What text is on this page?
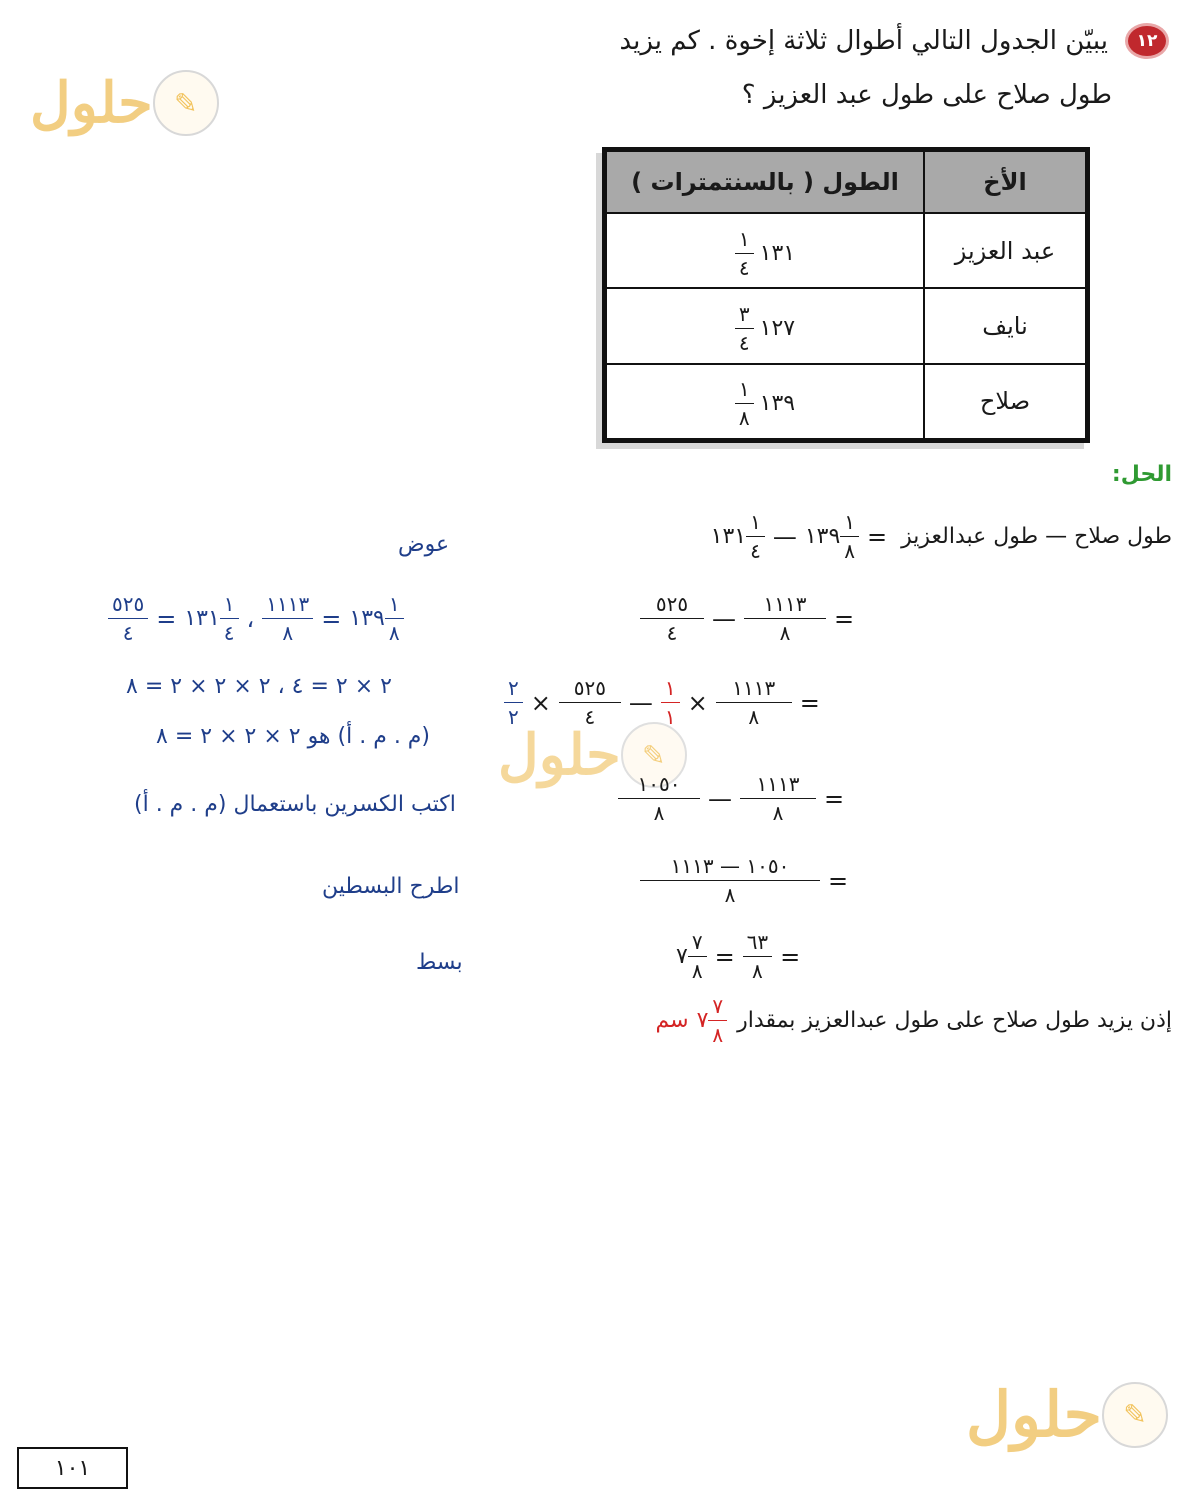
١٢
يبيّن الجدول التالي أطوال ثلاثة إخوة . كم يزيد
طول صلاح على طول عبد العزيز ؟
✎
حلول
✎
حلول
✎
حلول
الأخ	الطول ( بالسنتمترات )
عبد العزيز	$\frac{١}{٤}$ ١٣١

نايف	$\frac{٣}{٤}$ ١٢٧

صلاح	$\frac{١}{٨}$ ١٣٩
الحل:
١٣١ $\frac{١}{٤}$ — ١٣٩ $\frac{١}{٨}$ = طول صلاح — طول عبدالعزيز
عوض
$\frac{٥٢٥}{٤}$ — $\frac{١١١٣}{٨}$ =
$\frac{٥٢٥}{٤}$ = ١٣١ $\frac{١}{٤}$ ، $\frac{١١١٣}{٨}$ = ١٣٩ $\frac{١}{٨}$
$\frac{٢}{٢} \times \frac{٥٢٥}{٤}$ — $\frac{١}{١} \times \frac{١١١٣}{٨}$ =
٢ × ٢ = ٤ ، ٢ × ٢ × ٢ = ٨
(م . م . أ) هو ٢ × ٢ × ٢ = ٨
$\frac{١٠٥٠}{٨}$ — $\frac{١١١٣}{٨}$ =
اكتب الكسرين باستعمال (م . م . أ)
$\frac{١٠٥٠ — ١١١٣}{٨}$ =
اطرح البسطين
٧ $\frac{٧}{٨} = \frac{٦٣}{٨}$ =
بسط
إذن يزيد طول صلاح على طول عبدالعزيز بمقدار
سم ٧ $\frac{٧}{٨}$
١٠١
